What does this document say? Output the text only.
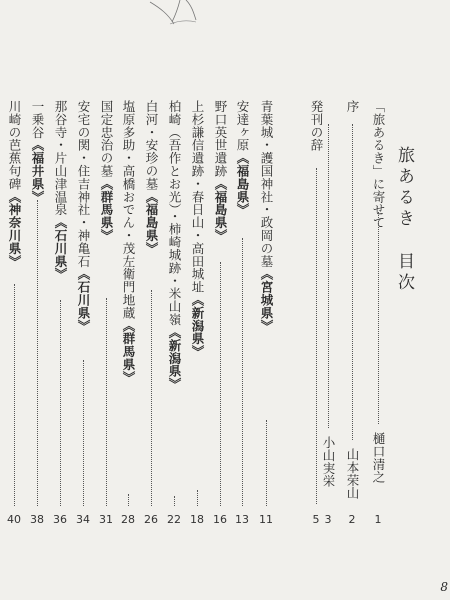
旅あるき目次
「旅あるき」に寄せて
樋口清之
1
序
山本荣山
2
小山実栄
3
発刊の辞
5
青葉城・護国神社・政岡の墓《宮城県》
11
安達ヶ原《福島県》
13
野口英世遺跡《福島県》
16
上杉謙信遺跡・春日山・高田城址《新潟県》
18
柏崎（吾作とお光）・柿崎城跡・米山嶺《新潟県》
22
白河・安珍の墓《福島県》
26
塩原多助・高橋おでん・茂左衛門地蔵《群馬県》
28
国定忠治の墓《群馬県》
31
安宅の関・住吉神社・神亀石《石川県》
34
那谷寺・片山津温泉《石川県》
36
一乗谷《福井県》
38
川崎の芭蕉句碑《神奈川県》
40
8
